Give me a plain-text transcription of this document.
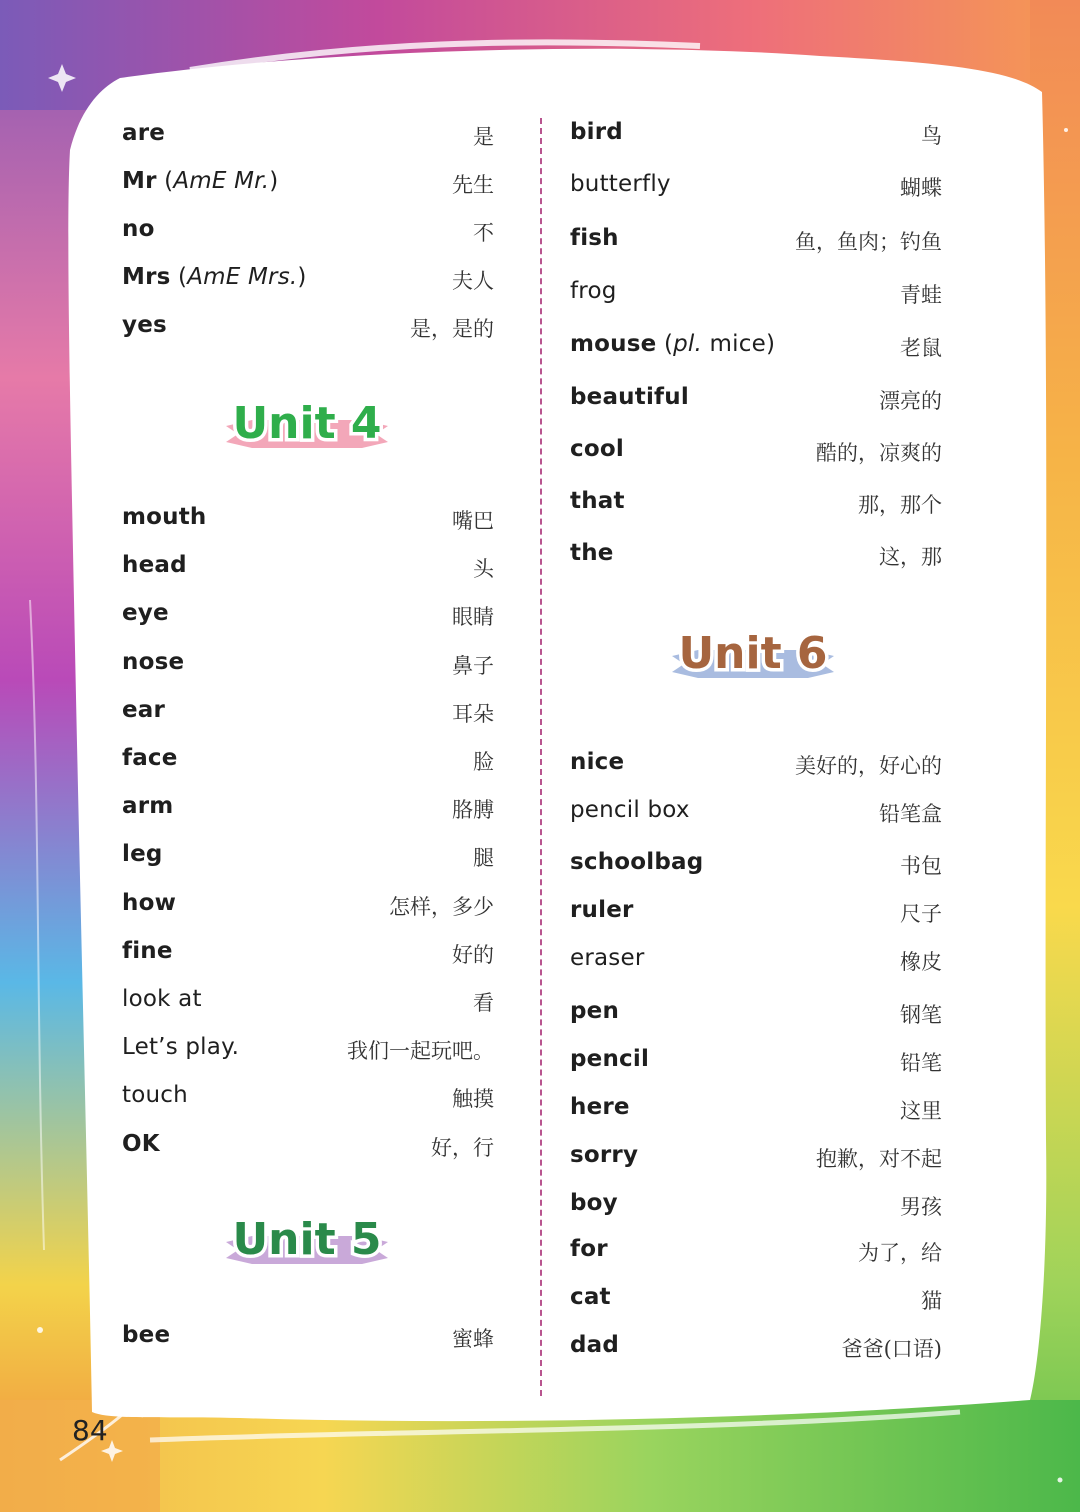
are	是
Mr (AmE Mr.)	先生
no	不
Mrs (AmE Mrs.)	夫人
yes	是，是的
Unit 4
mouth	嘴巴
head	头
eye	眼睛
nose	鼻子
ear	耳朵
face	脸
arm	胳膊
leg	腿
how	怎样，多少
fine	好的
look at	看
Let’s play.	我们一起玩吧。
touch	触摸
OK	好，行
Unit 5
bee	蜜蜂
bird	鸟
butterfly	蝴蝶
fish	鱼，鱼肉；钓鱼
frog	青蛙
mouse (pl. mice)	老鼠
beautiful	漂亮的
cool	酷的，凉爽的
that	那，那个
the	这，那
Unit 6
nice	美好的，好心的
pencil box	铅笔盒
schoolbag	书包
ruler	尺子
eraser	橡皮
pen	钢笔
pencil	铅笔
here	这里
sorry	抱歉，对不起
boy	男孩
for	为了，给
cat	猫
dad	爸爸(口语)
84
